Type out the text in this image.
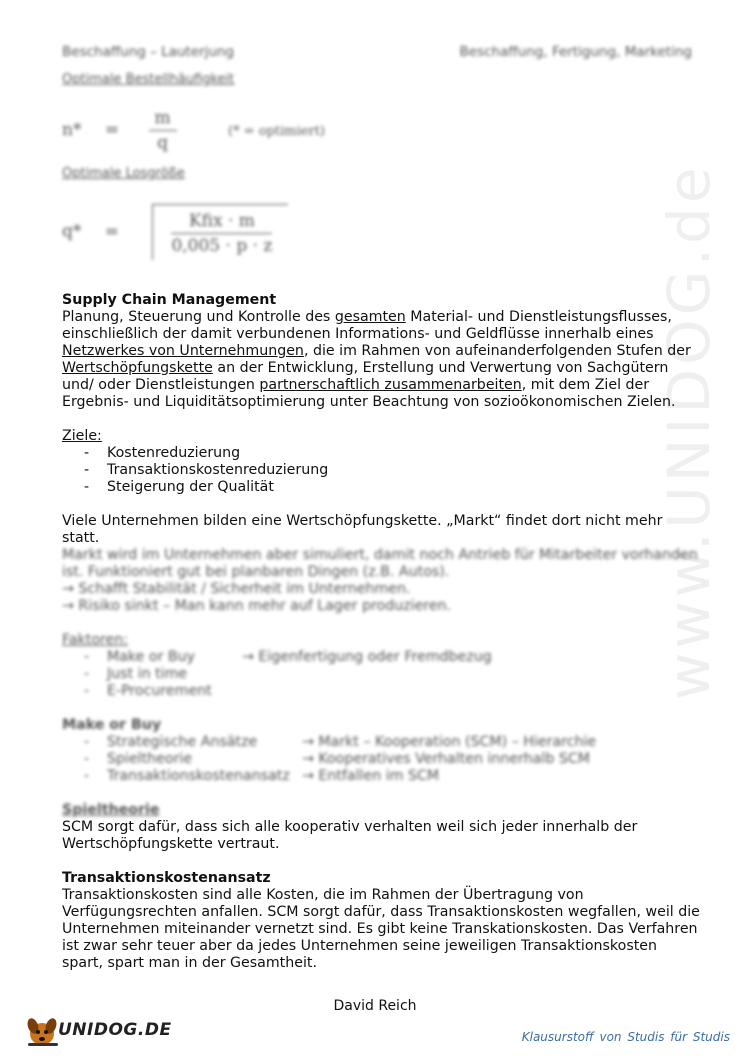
www.UNIDOG.de
Beschaffung – Lauterjung	Beschaffung, Fertigung, Marketing
Optimale Bestellhäufigkeit
$n* = \frac{m}{q}$	(* = optimiert)
Optimale Losgröße
q* =	$\frac{\text{Kfix · m}}{0,005 \cdot p \cdot z}$

Supply Chain Management

Planung, Steuerung und Kontrolle des gesamten Material- und Dienstleistungsflusses, einschließlich der damit verbundenen Informations- und Geldflüsse innerhalb eines Netzwerkes von Unternehmungen, die im Rahmen von aufeinanderfolgenden Stufen der Wertschöpfungskette an der Entwicklung, Erstellung und Verwertung von Sachgütern und/ oder Dienstleistungen partnerschaftlich zusammenarbeiten, mit dem Ziel der Ergebnis- und Liquiditätsoptimierung unter Beachtung von sozioökonomischen Zielen.

Ziele:

- Kostenreduzierung
- Transaktionskostenreduzierung
- Steigerung der Qualität

Viele Unternehmen bilden eine Wertschöpfungskette. „Markt“ findet dort nicht mehr statt.

Markt wird im Unternehmen aber simuliert, damit noch Antrieb für Mitarbeiter vorhanden ist. Funktioniert gut bei planbaren Dingen (z.B. Autos).

→ Schafft Stabilität / Sicherheit im Unternehmen.

→ Risiko sinkt – Man kann mehr auf Lager produzieren.

Faktoren:

- Make or Buy	→ Eigenfertigung oder Fremdbezug
- Just in time
- E-Procurement

Make or Buy

- Strategische Ansätze	→ Markt – Kooperation (SCM) – Hierarchie
- Spieltheorie	→ Kooperatives Verhalten innerhalb SCM
- Transaktionskostenansatz → Entfallen im SCM

Spieltheorie

SCM sorgt dafür, dass sich alle kooperativ verhalten weil sich jeder innerhalb der Wertschöpfungskette vertraut.

Transaktionskostenansatz

Transaktionskosten sind alle Kosten, die im Rahmen der Übertragung von Verfügungsrechten anfallen. SCM sorgt dafür, dass Transaktionskosten wegfallen, weil die Unternehmen miteinander vernetzt sind. Es gibt keine Transkationskosten. Das Verfahren ist zwar sehr teuer aber da jedes Unternehmen seine jeweiligen Transaktionskosten spart, spart man in der Gesamtheit.

David Reich
UNIDOG.DE	Klausurstoff von Studis für Studis
